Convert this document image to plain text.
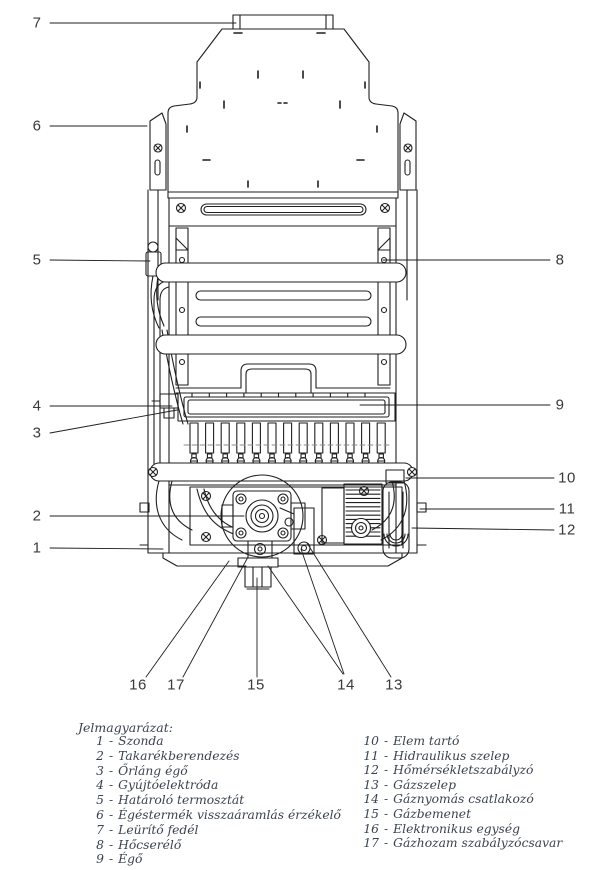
1
2
3
4
5
6
7
8
9
10
11
12
13
14
15
16 17
Jelmagyarázat:
1 - Szonda
2 - Takarékberendezés
3 - Őrláng égő
4 - Gyújtóelektróda
5 - Határoló termosztát
6 - Égéstermék visszaáramlás érzékelő
7 - Leürítő fedél
8 - Hőcserélő
9 - Égő
10 - Elem tartó
11 - Hidraulikus szelep
12 - Hőmérsékletszabályzó
13 - Gázszelep
14 - Gáznyomás csatlakozó
15 - Gázbemenet
16 - Elektronikus egység
17 - Gázhozam szabályzócsavar
